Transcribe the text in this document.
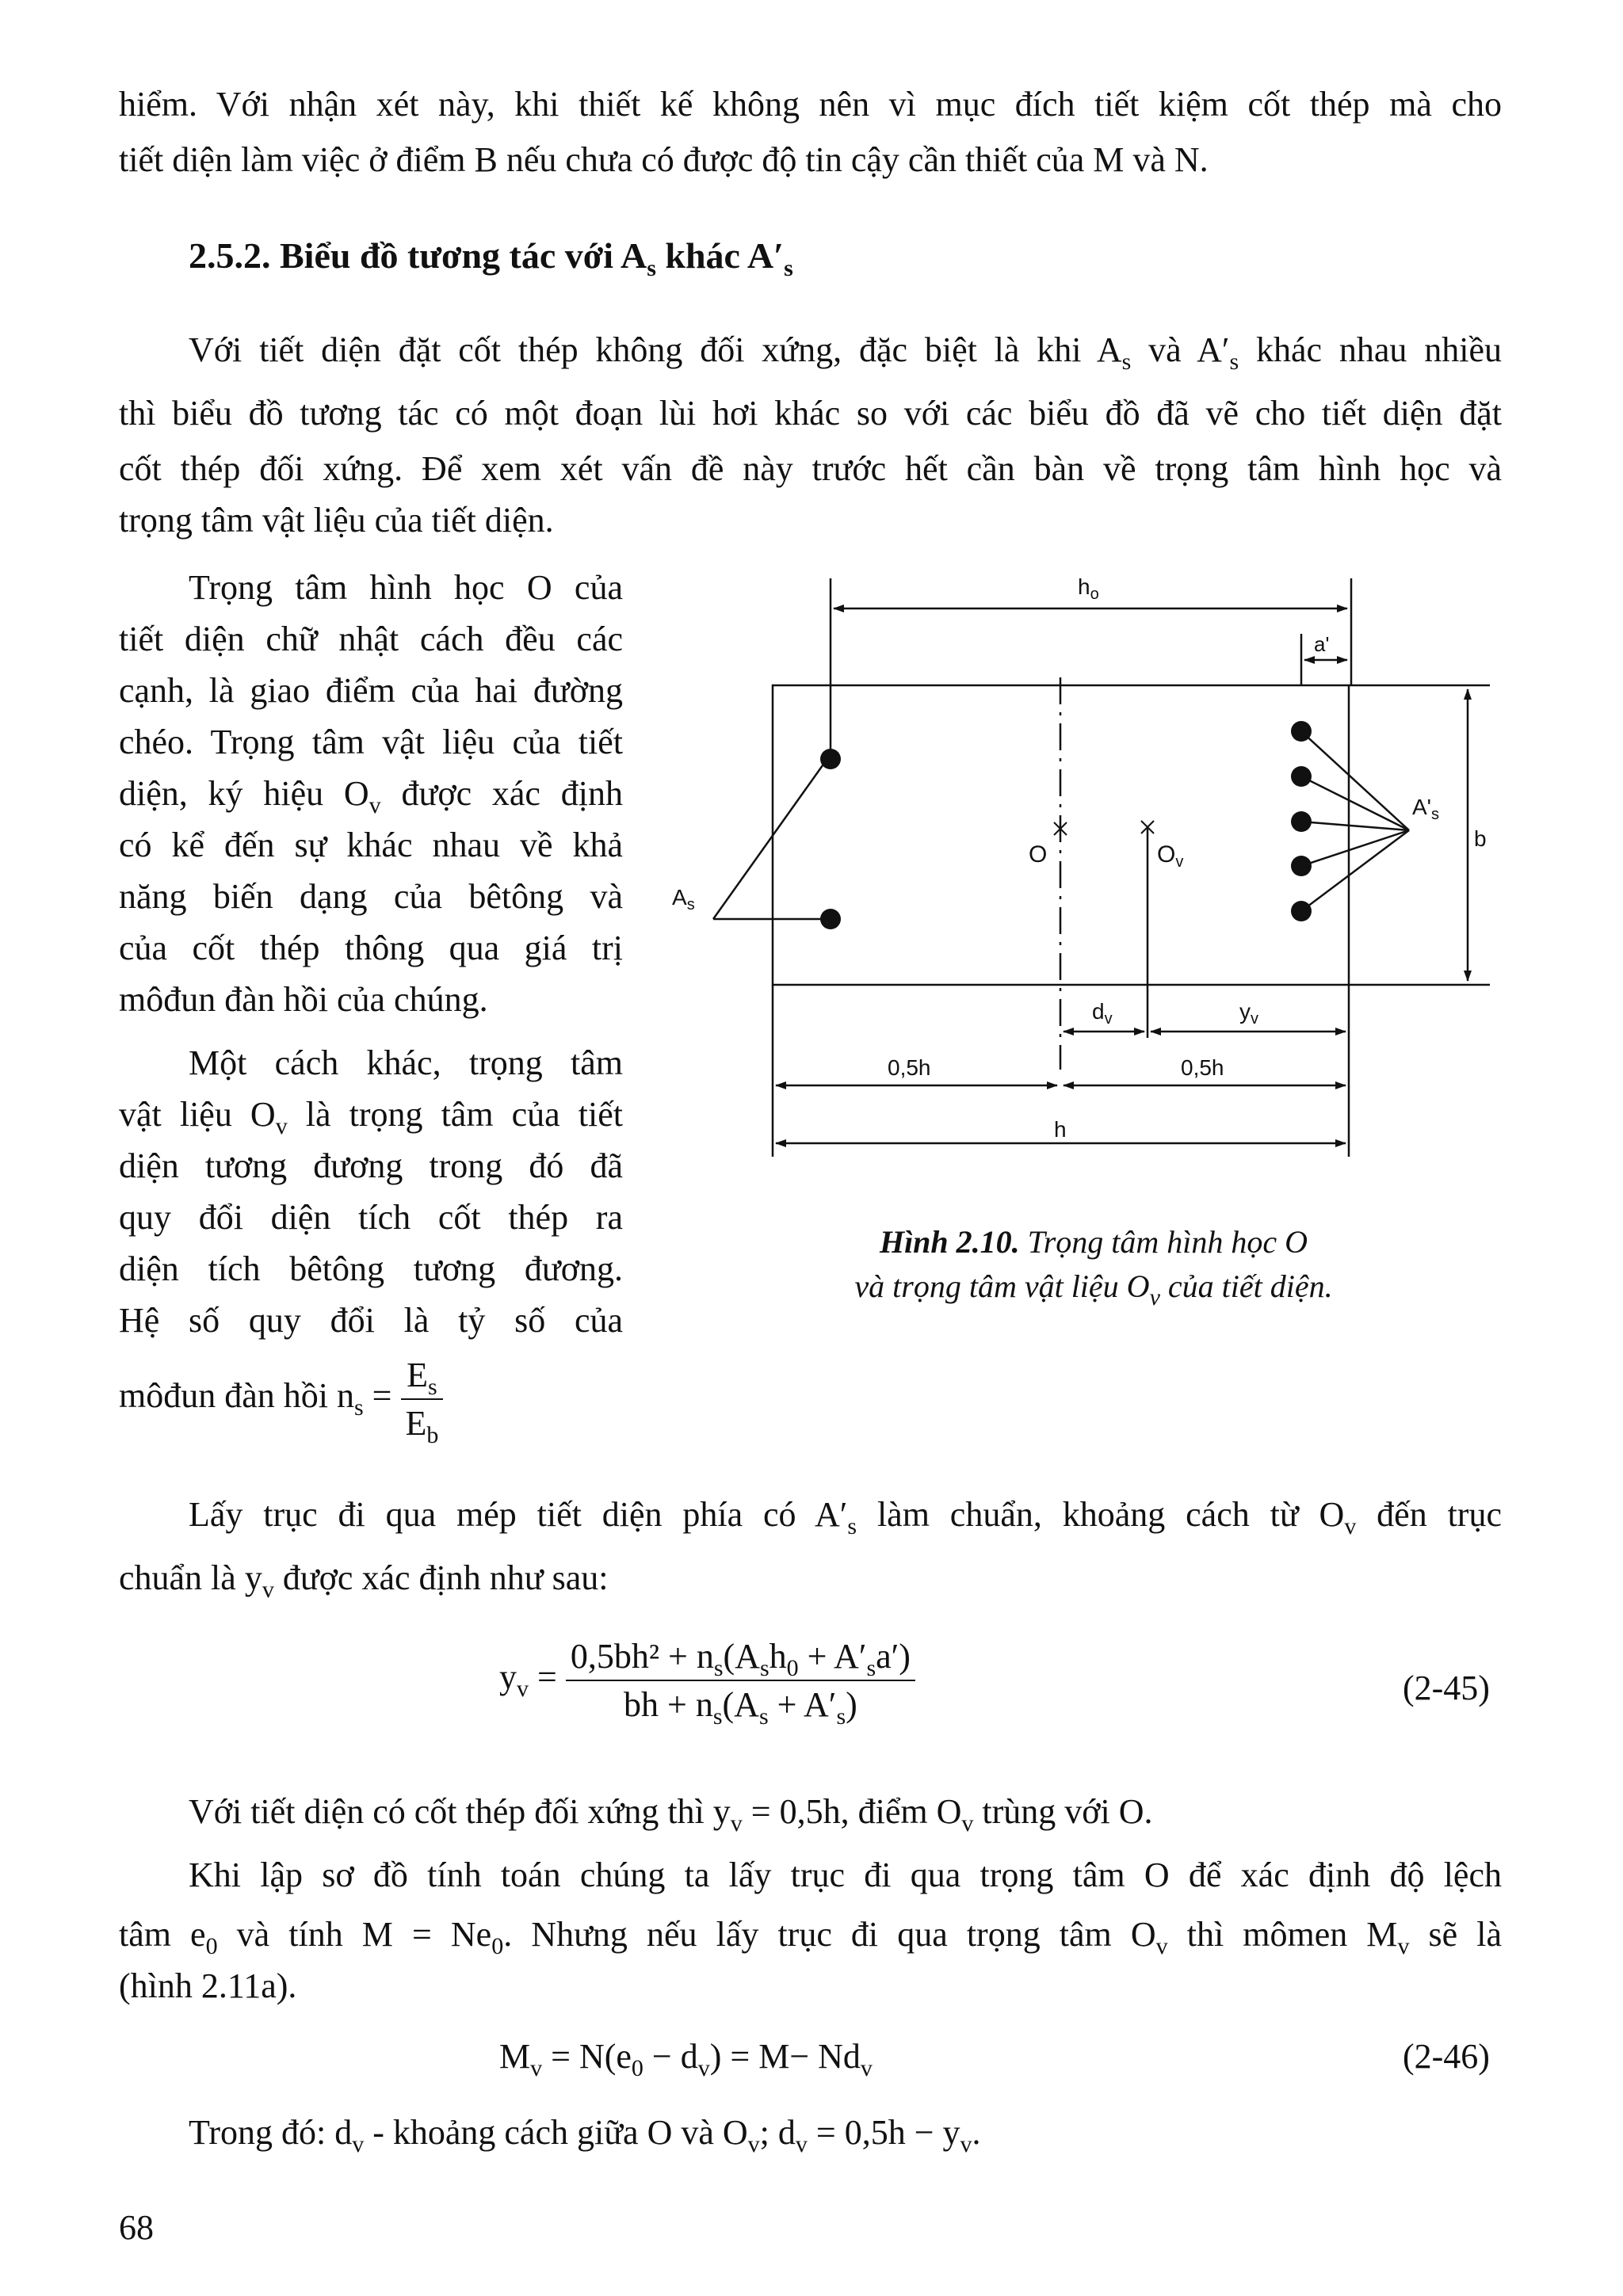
hiểm. Với nhận xét này, khi thiết kế không nên vì mục đích tiết kiệm cốt thép mà cho
tiết diện làm việc ở điểm B nếu chưa có được độ tin cậy cần thiết của M và N.
2.5.2. Biểu đồ tương tác với $A_s$ khác $A'_s$
Với tiết diện đặt cốt thép không đối xứng, đặc biệt là khi $A_s$ và $A'_s$ khác nhau nhiều
thì biểu đồ tương tác có một đoạn lùi hơi khác so với các biểu đồ đã vẽ cho tiết diện đặt
cốt thép đối xứng. Để xem xét vấn đề này trước hết cần bàn về trọng tâm hình học và
trọng tâm vật liệu của tiết diện.
Trọng tâm hình học O của
tiết diện chữ nhật cách đều các
cạnh, là giao điểm của hai đường
chéo. Trọng tâm vật liệu của tiết
diện, ký hiệu $O_v$ được xác định
có kể đến sự khác nhau về khả
năng biến dạng của bêtông và
của cốt thép thông qua giá trị
môđun đàn hồi của chúng.
Một cách khác, trọng tâm
vật liệu $O_v$ là trọng tâm của tiết
diện tương đương trong đó đã
quy đổi diện tích cốt thép ra
diện tích bêtông tương đương.
Hệ số quy đổi là tỷ số của
môđun đàn hồi $n_s = \frac{E_s}{E_b}$
$h_o$
a'
$A_s$
$A'_s$
b
O	$O_v$
$d_v$	$y_v$
0,5h	0,5h
h
Hình 2.10. Trọng tâm hình học O
và trọng tâm vật liệu $O_v$ của tiết diện.
Lấy trục đi qua mép tiết diện phía có $A'_s$ làm chuẩn, khoảng cách từ $O_v$ đến trục
chuẩn là $y_v$ được xác định như sau:
$y_v = \frac{0,5bh^2 + n_s(A_sh_0 + A'_sa')}{bh + n_s(A_s + A'_s)}$	(2-45)
Với tiết diện có cốt thép đối xứng thì $y_v = 0,5h$, điểm $O_v$ trùng với O.
Khi lập sơ đồ tính toán chúng ta lấy trục đi qua trọng tâm O để xác định độ lệch
tâm $e_0$ và tính $M = Ne_0$. Nhưng nếu lấy trục đi qua trọng tâm $O_v$ thì mômen $M_v$ sẽ là
(hình 2.11a).
$M_v = N(e_0 - d_v) = M- Nd_v$	(2-46)
Trong đó: $d_v$ - khoảng cách giữa O và $O_v$; $d_v = 0,5h - y_v$.
68
